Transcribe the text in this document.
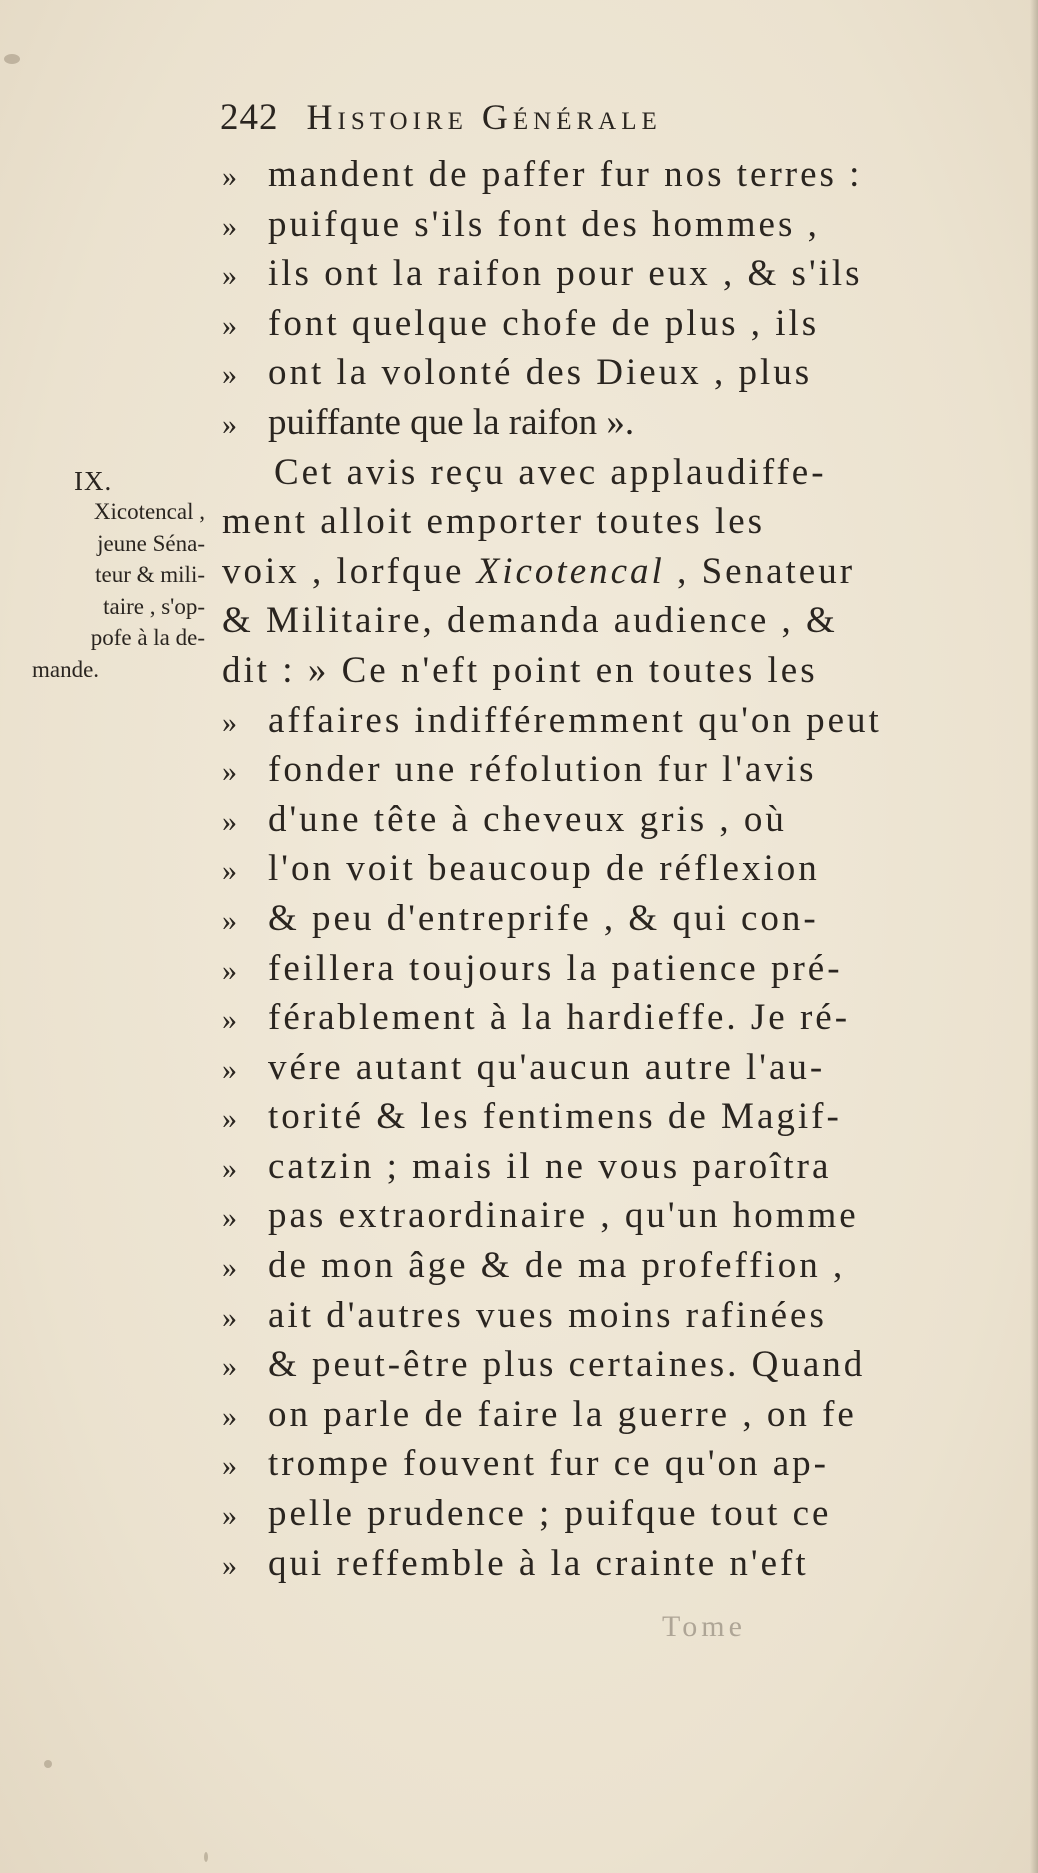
242 Histoire Générale
IX.
Xicotencal ,
jeune Séna-
teur & mili-
taire , s'op-
pofe à la de-
mande.
» mandent de paffer fur nos terres :
» puifque s'ils font des hommes ,
» ils ont la raifon pour eux , & s'ils
» font quelque chofe de plus , ils
» ont la volonté des Dieux , plus
» puiffante que la raifon ».
Cet avis reçu avec applaudiffe-
ment alloit emporter toutes les
voix , lorfque Xicotencal , Senateur
& Militaire, demanda audience , &
dit : » Ce n'eft point en toutes les
» affaires indifféremment qu'on peut
» fonder une réfolution fur l'avis
» d'une tête à cheveux gris , où
» l'on voit beaucoup de réflexion
» & peu d'entreprife , & qui con-
» feillera toujours la patience pré-
» férablement à la hardieffe. Je ré-
» vére autant qu'aucun autre l'au-
» torité & les fentimens de Magif-
» catzin ; mais il ne vous paroîtra
» pas extraordinaire , qu'un homme
» de mon âge & de ma profeffion ,
» ait d'autres vues moins rafinées
» & peut-être plus certaines. Quand
» on parle de faire la guerre , on fe
» trompe fouvent fur ce qu'on ap-
» pelle prudence ; puifque tout ce
» qui reffemble à la crainte n'eft
Tome
